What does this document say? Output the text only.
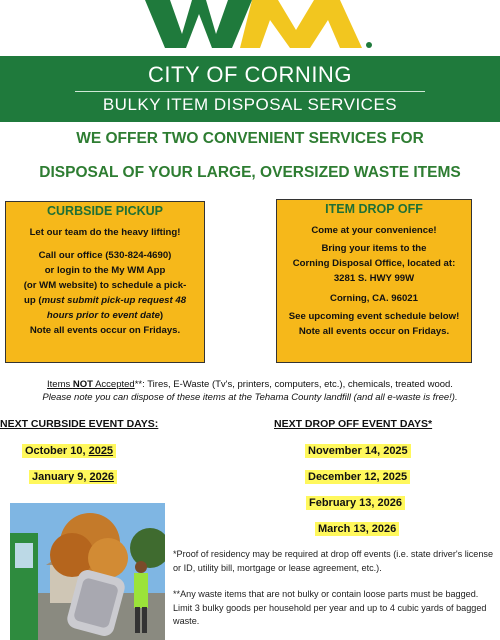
WM
CITY OF CORNING
BULKY ITEM DISPOSAL SERVICES
WE OFFER TWO CONVENIENT SERVICES FOR
DISPOSAL OF YOUR LARGE, OVERSIZED WASTE ITEMS
CURBSIDE PICKUP

Let our team do the heavy lifting!

Call our office (530-824-4690)
or login to the My WM App
(or WM website) to schedule a pick-
up (must submit pick-up request 48
hours prior to event date)
Note all events occur on Fridays.
ITEM DROP OFF
Come at your convenience!
Bring your items to the
Corning Disposal Office, located at:
3281 S. HWY 99W
Corning, CA. 96021
See upcoming event schedule below!
Note all events occur on Fridays.
Items NOT Accepted**: Tires, E-Waste (Tv's, printers, computers, etc.), chemicals, treated wood.
Please note you can dispose of these items at the Tehama County landfill (and all e-waste is free!).
NEXT CURBSIDE EVENT DAYS:	NEXT DROP OFF EVENT DAYS*
October 10, 2025
January 9, 2026
November 14, 2025
December 12, 2025
February 13, 2026
March 13, 2026
*Proof of residency may be required at drop off events (i.e. state driver's license or ID, utility bill, mortgage or lease agreement, etc.).
**Any waste items that are not bulky or contain loose parts must be bagged. Limit 3 bulky goods per household per year and up to 4 cubic yards of bagged waste.
